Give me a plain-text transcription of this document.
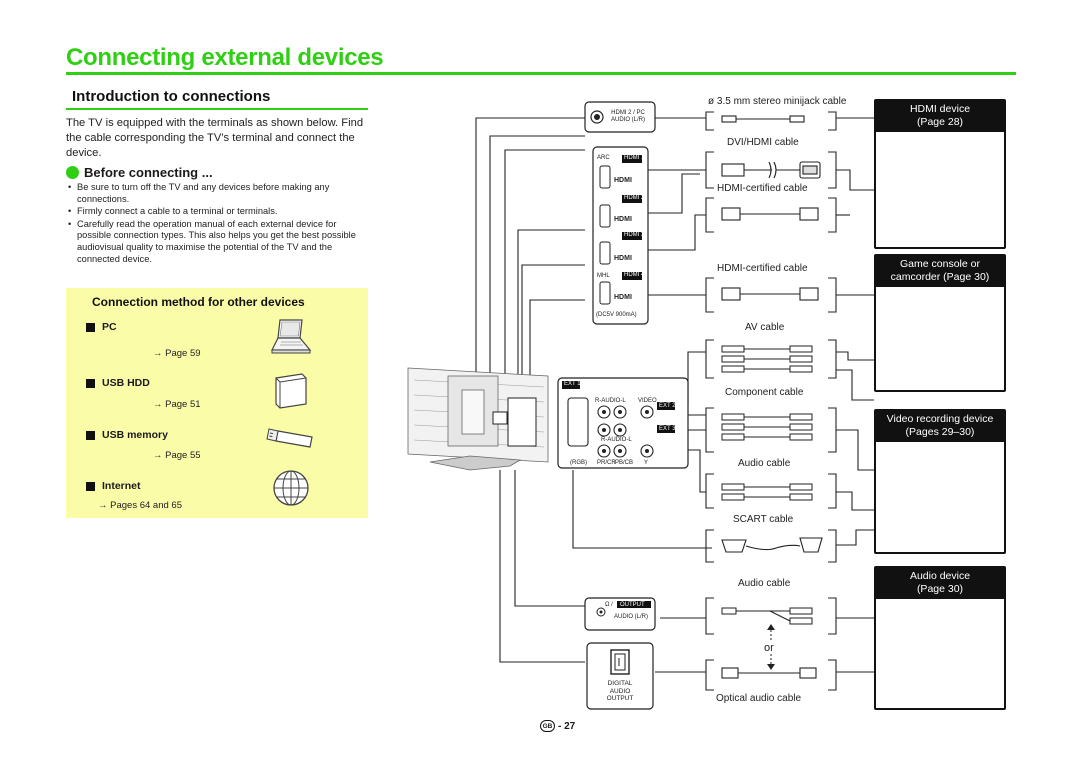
Connecting external devices
Introduction to connections

The TV is equipped with the terminals as shown below. Find the cable corresponding the TV’s terminal and connect the device.

Before connecting ...
• Be sure to turn off the TV and any devices before making any connections.
• Firmly connect a cable to a terminal or terminals.
• Carefully read the operation manual of each external device for possible connection types. This also helps you get the best possible audiovisual quality to maximise the potential of the TV and the connected device.
Connection method for other devices
PC
→ Page 59
USB HDD
→ Page 51
USB memory
→ Page 55
Internet
→ Pages 64 and 65
ø 3.5 mm stereo minijack cable
DVI/HDMI cable
HDMI-certified cable
HDMI-certified cable
AV cable
Component cable
Audio cable
SCART cable
Audio cable
or
Optical audio cable
HDMI 2 / PC
AUDIO (L/R)
ARC HDMI 1
HDMI 2
HDMI 3
MHL HDMI 4
HDMI
HDMI
HDMI
HDMI
(DC5V 900mA)
EXT 1
R-AUDIO-L VIDEO
EXT 2
EXT 3
R-AUDIO-L
(RGB) PR/CR PB/CB Y
Ω / OUTPUT
AUDIO (L/R)
DIGITAL
AUDIO
OUTPUT
HDMI device
(Page 28)
Game console or
camcorder (Page 30)
Video recording device
(Pages 29–30)
Audio device
(Page 30)
GB - 27
